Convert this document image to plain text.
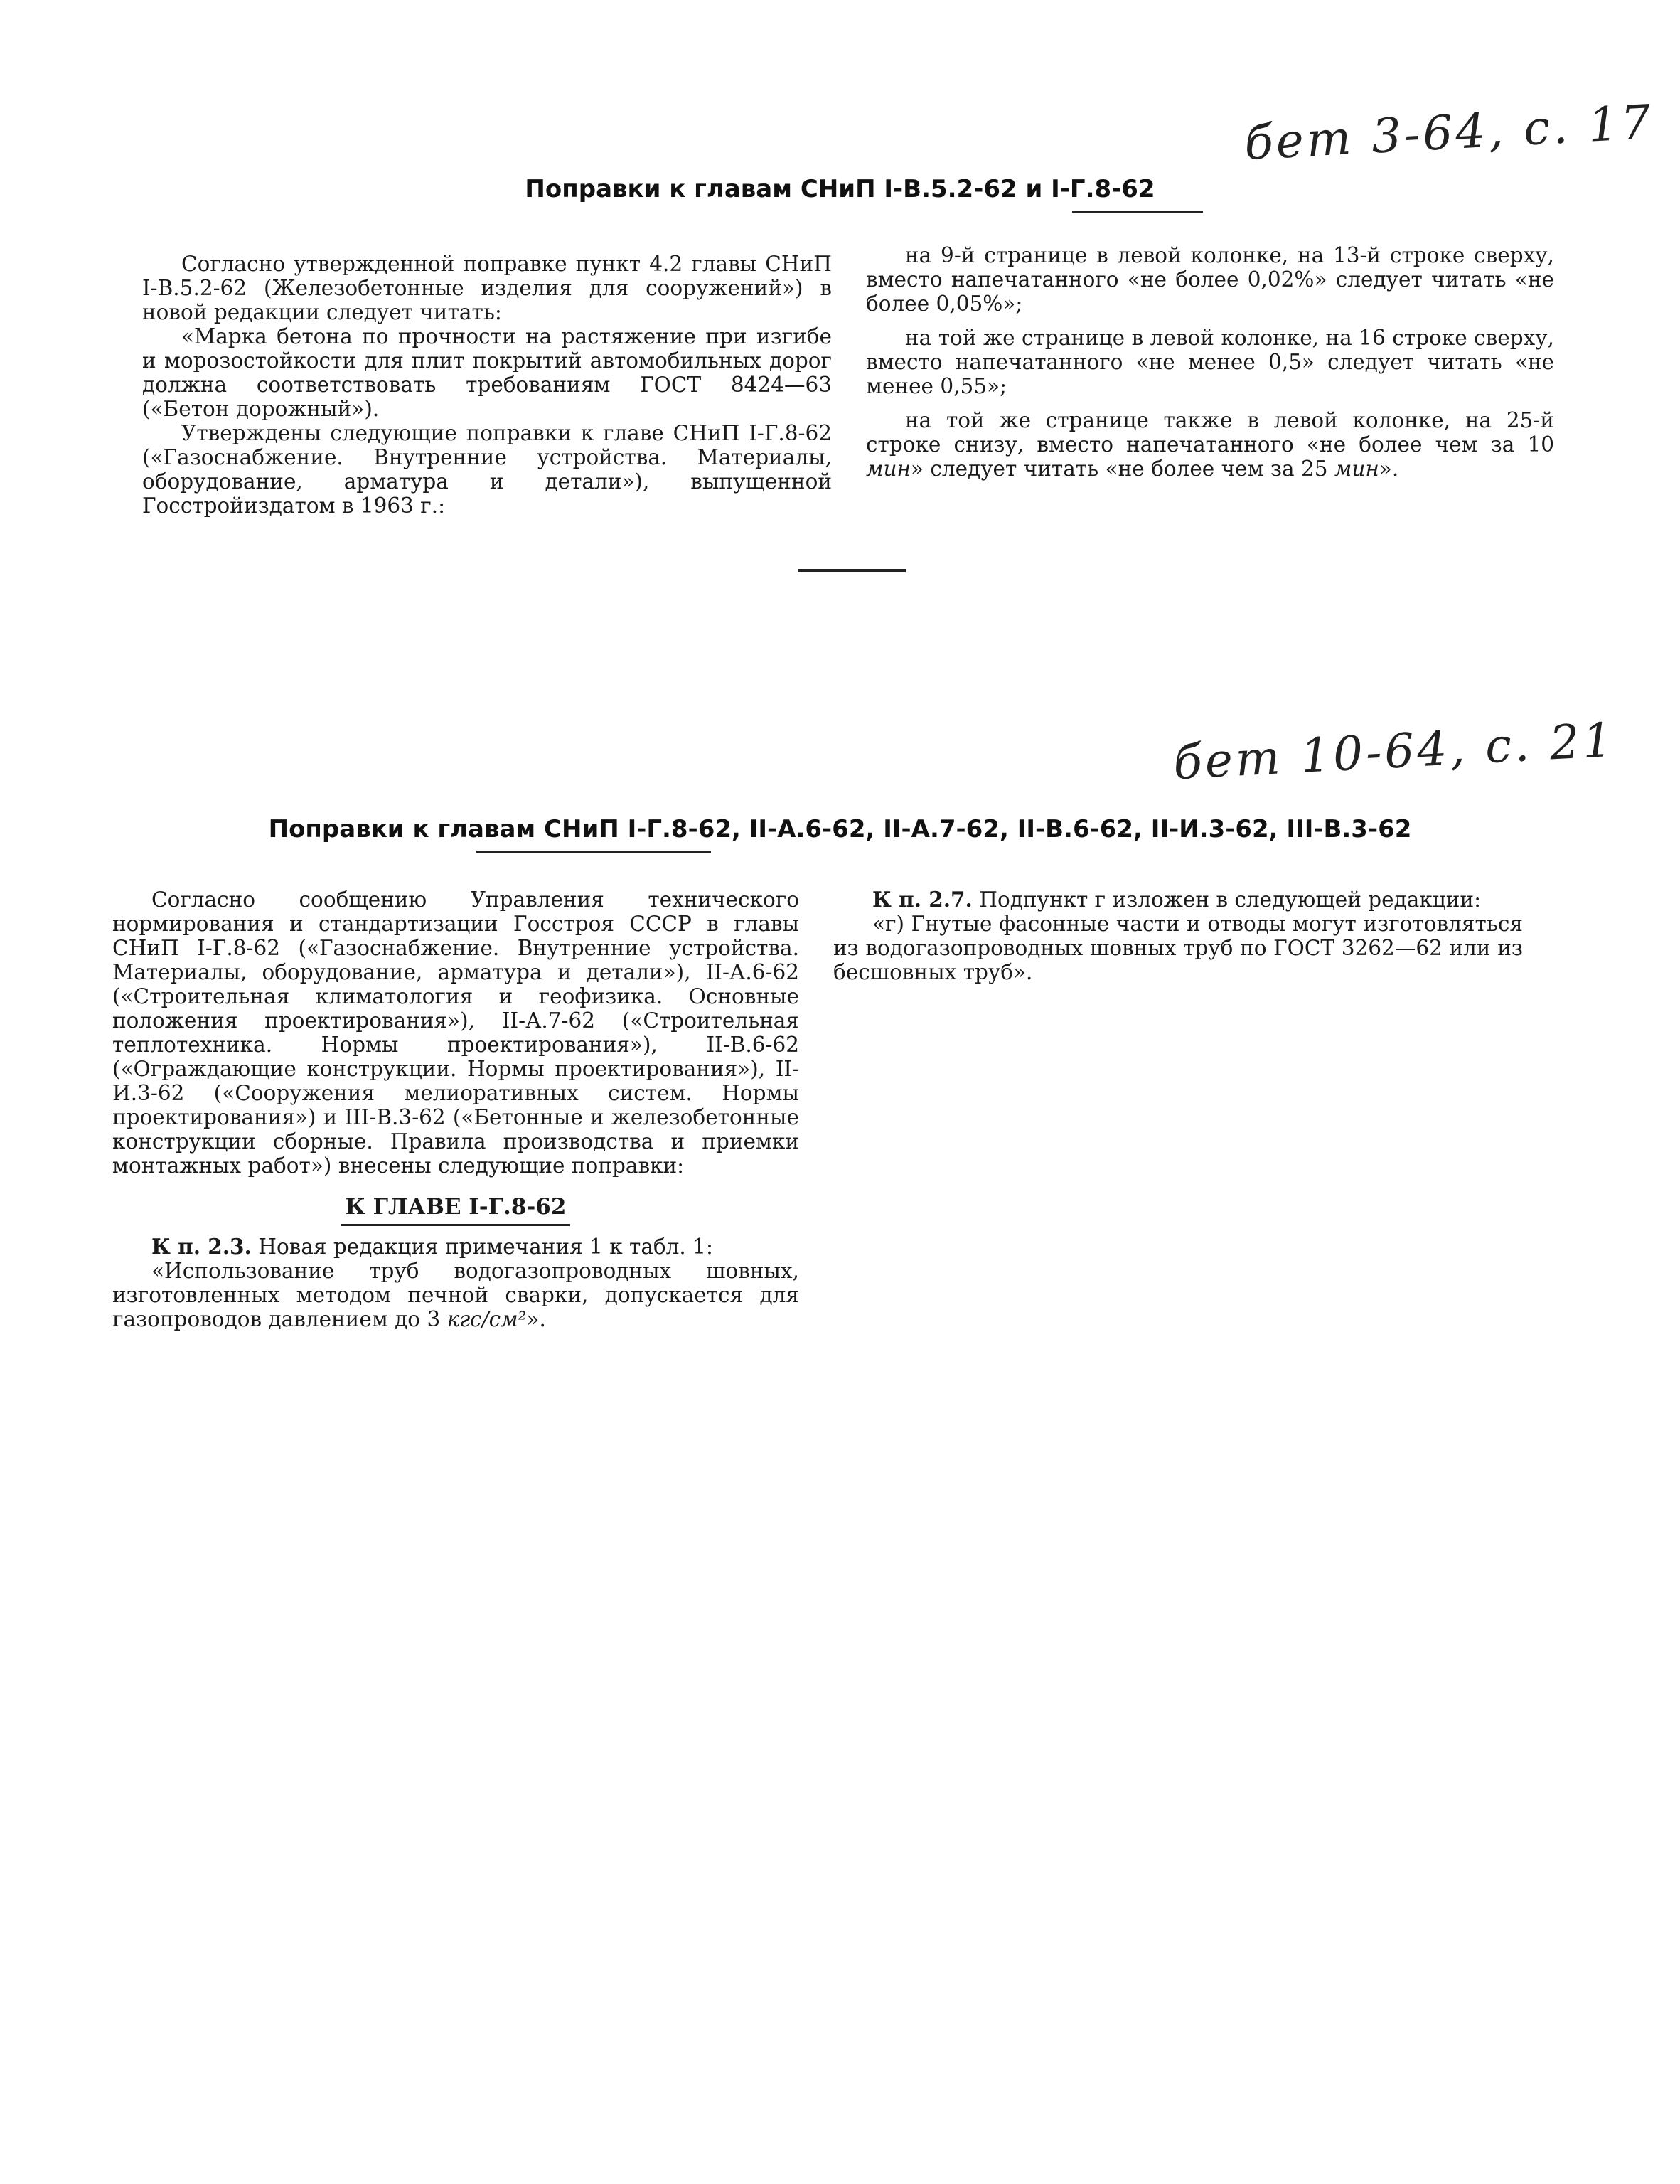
бет 3-64, с. 17
Поправки к главам СНиП I-В.5.2-62 и I-Г.8-62

Согласно утвержденной поправке пункт 4.2 главы СНиП I-В.5.2-62 (Железобетонные изделия для сооружений») в новой редакции следует читать:

«Марка бетона по прочности на растяжение при изгибе и морозостойкости для плит покрытий автомобильных дорог должна соответствовать требованиям ГОСТ 8424—63 («Бетон дорожный»).

Утверждены следующие поправки к главе СНиП I-Г.8-62 («Газоснабжение. Внутренние устройства. Материалы, оборудование, арматура и детали»), выпущенной Госстройиздатом в 1963 г.:

на 9-й странице в левой колонке, на 13-й строке сверху, вместо напечатанного «не более 0,02%» следует читать «не более 0,05%»;

на той же странице в левой колонке, на 16 строке сверху, вместо напечатанного «не менее 0,5» следует читать «не менее 0,55»;

на той же странице также в левой колонке, на 25-й строке снизу, вместо напечатанного «не более чем за 10 мин» следует читать «не более чем за 25 мин».

бет 10-64, с. 21
Поправки к главам СНиП I-Г.8-62, II-А.6-62, II-А.7-62, II-В.6-62, II-И.3-62, III-В.3-62

Согласно сообщению Управления технического нормирования и стандартизации Госстроя СССР в главы СНиП I-Г.8-62 («Газоснабжение. Внутренние устройства. Материалы, оборудование, арматура и детали»), II-А.6-62 («Строительная климатология и геофизика. Основные положения проектирования»), II-А.7-62 («Строительная теплотехника. Нормы проектирования»), II-В.6-62 («Ограждающие конструкции. Нормы проектирования»), II-И.3-62 («Сооружения мелиоративных систем. Нормы проектирования») и III-В.3-62 («Бетонные и железобетонные конструкции сборные. Правила производства и приемки монтажных работ») внесены следующие поправки:

К ГЛАВЕ I-Г.8-62

К п. 2.3. Новая редакция примечания 1 к табл. 1:

«Использование труб водогазопроводных шовных, изготовленных методом печной сварки, допускается для газопроводов давлением до 3 кгс/см²».

К п. 2.7. Подпункт г изложен в следующей редакции:

«г) Гнутые фасонные части и отводы могут изготовляться из водогазопроводных шовных труб по ГОСТ 3262—62 или из бесшовных труб».
